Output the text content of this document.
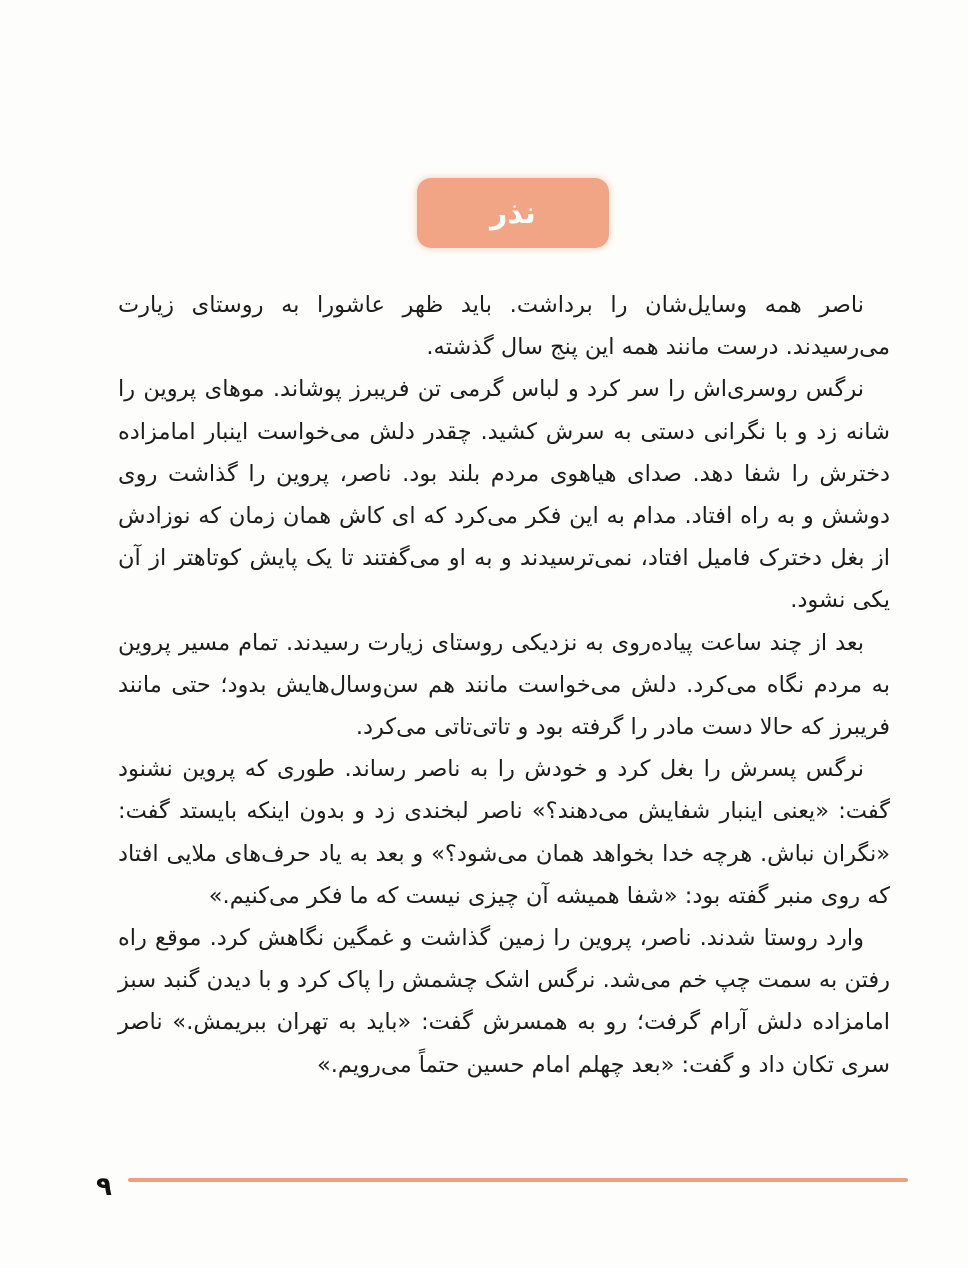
نذر

ناصر همه وسایل‌شان را برداشت. باید ظهر عاشورا به روستای زیارت می‌رسیدند. درست مانند همه این پنج سال گذشته.

نرگس روسری‌اش را سر کرد و لباس گرمی تن فریبرز پوشاند. موهای پروین را شانه زد و با نگرانی دستی به سرش کشید. چقدر دلش می‌خواست اینبار امامزاده دخترش را شفا دهد. صدای هیاهوی مردم بلند بود. ناصر، پروین را گذاشت روی دوشش و به راه افتاد. مدام به این فکر می‌کرد که ای کاش همان زمان که نوزادش از بغل دخترک فامیل افتاد، نمی‌ترسیدند و به او می‌گفتند تا یک پایش کوتاهتر از آن یکی نشود.

بعد از چند ساعت پیاده‌روی به نزدیکی روستای زیارت رسیدند. تمام مسیر پروین به مردم نگاه می‌کرد. دلش می‌خواست مانند هم سن‌وسال‌هایش بدود؛ حتی مانند فریبرز که حالا دست مادر را گرفته بود و تاتی‌تاتی می‌کرد.

نرگس پسرش را بغل کرد و خودش را به ناصر رساند. طوری که پروین نشنود گفت: «یعنی اینبار شفایش می‌دهند؟» ناصر لبخندی زد و بدون اینکه بایستد گفت: «نگران نباش. هرچه خدا بخواهد همان می‌شود؟» و بعد به یاد حرف‌های ملایی افتاد که روی منبر گفته بود: «شفا همیشه آن چیزی نیست که ما فکر می‌کنیم.»

وارد روستا شدند. ناصر، پروین را زمین گذاشت و غمگین نگاهش کرد. موقع راه رفتن به سمت چپ خم می‌شد. نرگس اشک چشمش را پاک کرد و با دیدن گنبد سبز امامزاده دلش آرام گرفت؛ رو به همسرش گفت: «باید به تهران ببریمش.» ناصر سری تکان داد و گفت: «بعد چهلم امام حسین حتماً می‌رویم.»

۹
